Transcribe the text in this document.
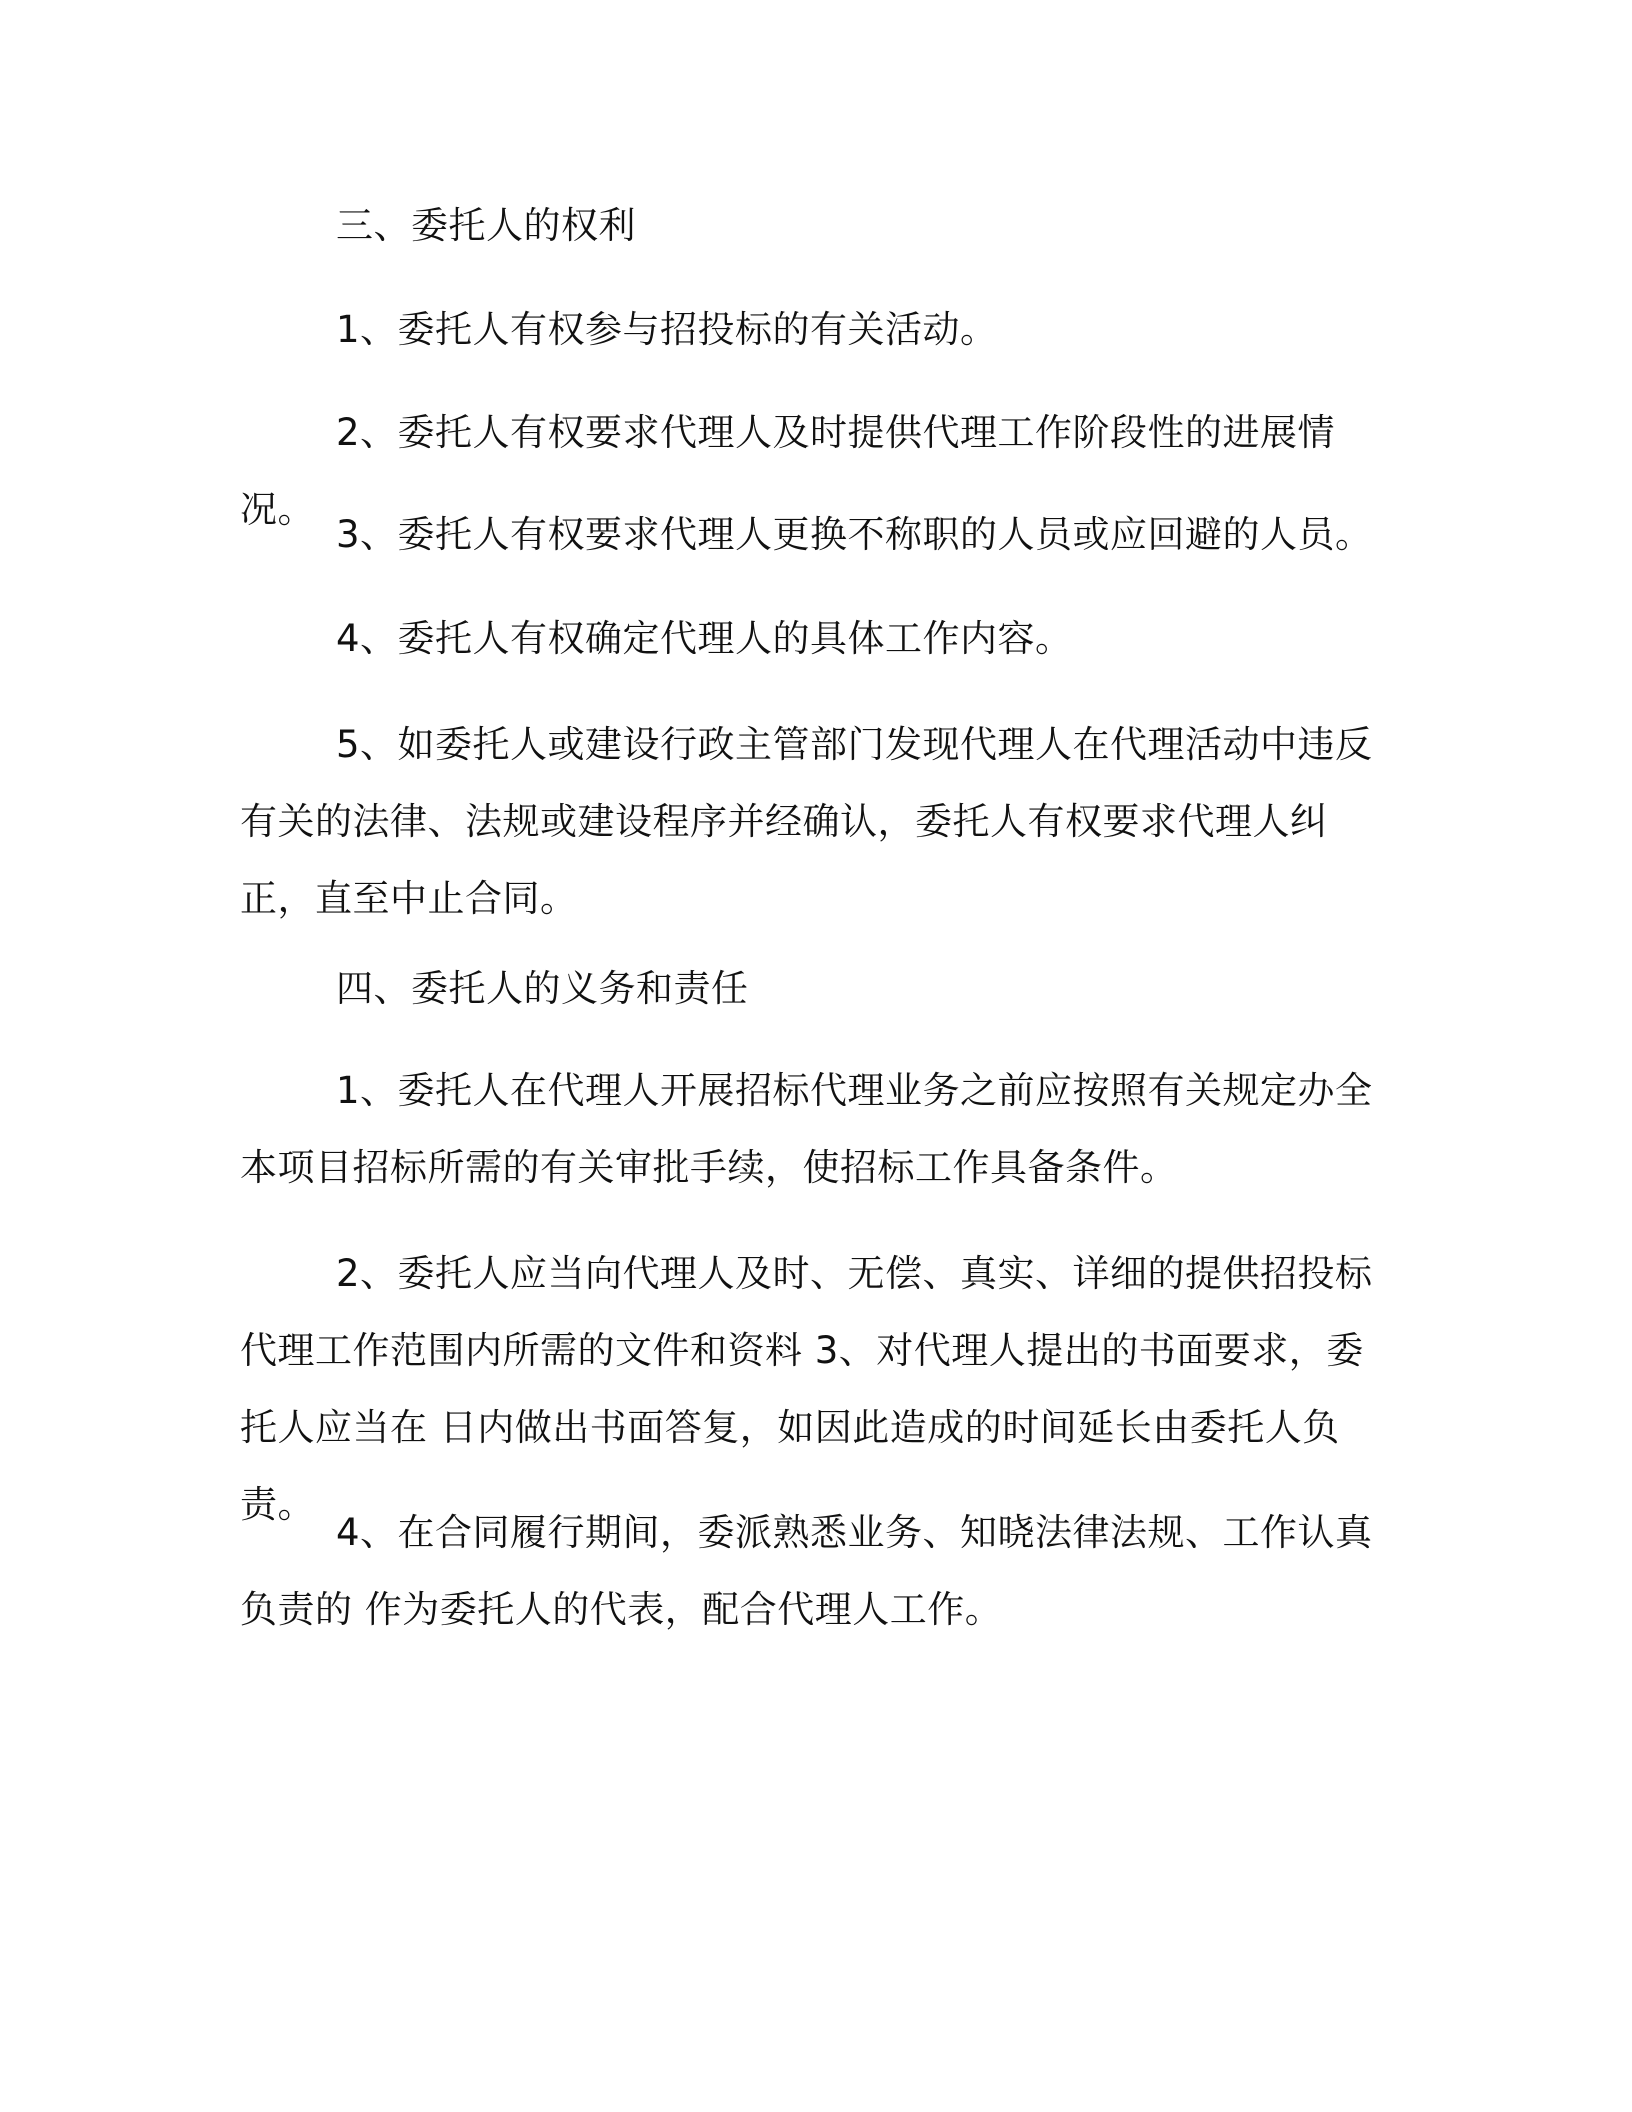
三、委托人的权利

1、委托人有权参与招投标的有关活动。

2、委托人有权要求代理人及时提供代理工作阶段性的进展情况。

3、委托人有权要求代理人更换不称职的人员或应回避的人员。

4、委托人有权确定代理人的具体工作内容。

5、如委托人或建设行政主管部门发现代理人在代理活动中违反有关的法律、法规或建设程序并经确认，委托人有权要求代理人纠正，直至中止合同。

四、委托人的义务和责任

1、委托人在代理人开展招标代理业务之前应按照有关规定办全本项目招标所需的有关审批手续，使招标工作具备条件。

2、委托人应当向代理人及时、无偿、真实、详细的提供招投标代理工作范围内所需的文件和资料 3、对代理人提出的书面要求，委托人应当在 日内做出书面答复，如因此造成的时间延长由委托人负责。

4、在合同履行期间，委派熟悉业务、知晓法律法规、工作认真负责的 作为委托人的代表，配合代理人工作。
